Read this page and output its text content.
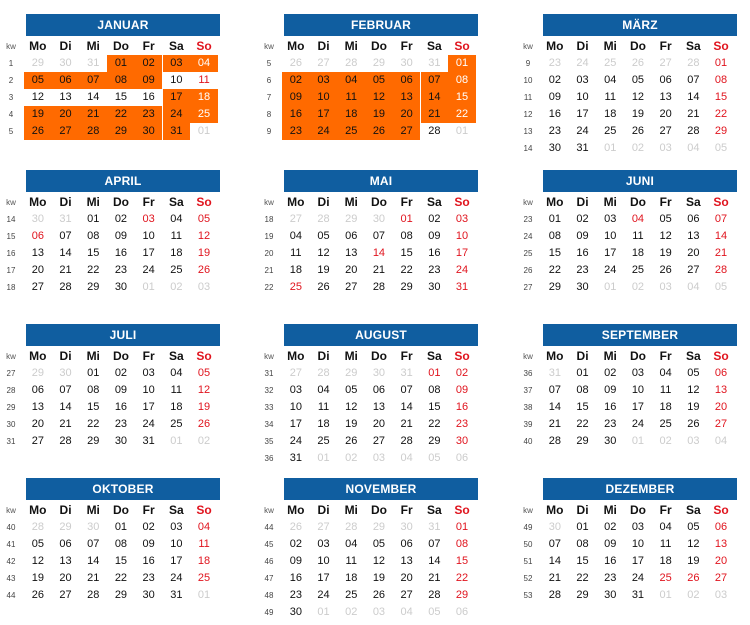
JANUAR
kw	Mo	Di	Mi	Do	Fr	Sa	So
1	29	30	31	01	02	03	04
2	05	06	07	08	09	10	11
3	12	13	14	15	16	17	18
4	19	20	21	22	23	24	25
5	26	27	28	29	30	31	01
FEBRUAR
kw	Mo	Di	Mi	Do	Fr	Sa	So
5	26	27	28	29	30	31	01
6	02	03	04	05	06	07	08
7	09	10	11	12	13	14	15
8	16	17	18	19	20	21	22
9	23	24	25	26	27	28	01
MÄRZ
kw	Mo	Di	Mi	Do	Fr	Sa	So
9	23	24	25	26	27	28	01
10	02	03	04	05	06	07	08
11	09	10	11	12	13	14	15
12	16	17	18	19	20	21	22
13	23	24	25	26	27	28	29
14	30	31	01	02	03	04	05
APRIL
kw	Mo	Di	Mi	Do	Fr	Sa	So
14	30	31	01	02	03	04	05
15	06	07	08	09	10	11	12
16	13	14	15	16	17	18	19
17	20	21	22	23	24	25	26
18	27	28	29	30	01	02	03
MAI
kw	Mo	Di	Mi	Do	Fr	Sa	So
18	27	28	29	30	01	02	03
19	04	05	06	07	08	09	10
20	11	12	13	14	15	16	17
21	18	19	20	21	22	23	24
22	25	26	27	28	29	30	31
JUNI
kw	Mo	Di	Mi	Do	Fr	Sa	So
23	01	02	03	04	05	06	07
24	08	09	10	11	12	13	14
25	15	16	17	18	19	20	21
26	22	23	24	25	26	27	28
27	29	30	01	02	03	04	05
JULI
kw	Mo	Di	Mi	Do	Fr	Sa	So
27	29	30	01	02	03	04	05
28	06	07	08	09	10	11	12
29	13	14	15	16	17	18	19
30	20	21	22	23	24	25	26
31	27	28	29	30	31	01	02
AUGUST
kw	Mo	Di	Mi	Do	Fr	Sa	So
31	27	28	29	30	31	01	02
32	03	04	05	06	07	08	09
33	10	11	12	13	14	15	16
34	17	18	19	20	21	22	23
35	24	25	26	27	28	29	30
36	31	01	02	03	04	05	06
SEPTEMBER
kw	Mo	Di	Mi	Do	Fr	Sa	So
36	31	01	02	03	04	05	06
37	07	08	09	10	11	12	13
38	14	15	16	17	18	19	20
39	21	22	23	24	25	26	27
40	28	29	30	01	02	03	04
OKTOBER
kw	Mo	Di	Mi	Do	Fr	Sa	So
40	28	29	30	01	02	03	04
41	05	06	07	08	09	10	11
42	12	13	14	15	16	17	18
43	19	20	21	22	23	24	25
44	26	27	28	29	30	31	01
NOVEMBER
kw	Mo	Di	Mi	Do	Fr	Sa	So
44	26	27	28	29	30	31	01
45	02	03	04	05	06	07	08
46	09	10	11	12	13	14	15
47	16	17	18	19	20	21	22
48	23	24	25	26	27	28	29
49	30	01	02	03	04	05	06
DEZEMBER
kw	Mo	Di	Mi	Do	Fr	Sa	So
49	30	01	02	03	04	05	06
50	07	08	09	10	11	12	13
51	14	15	16	17	18	19	20
52	21	22	23	24	25	26	27
53	28	29	30	31	01	02	03
